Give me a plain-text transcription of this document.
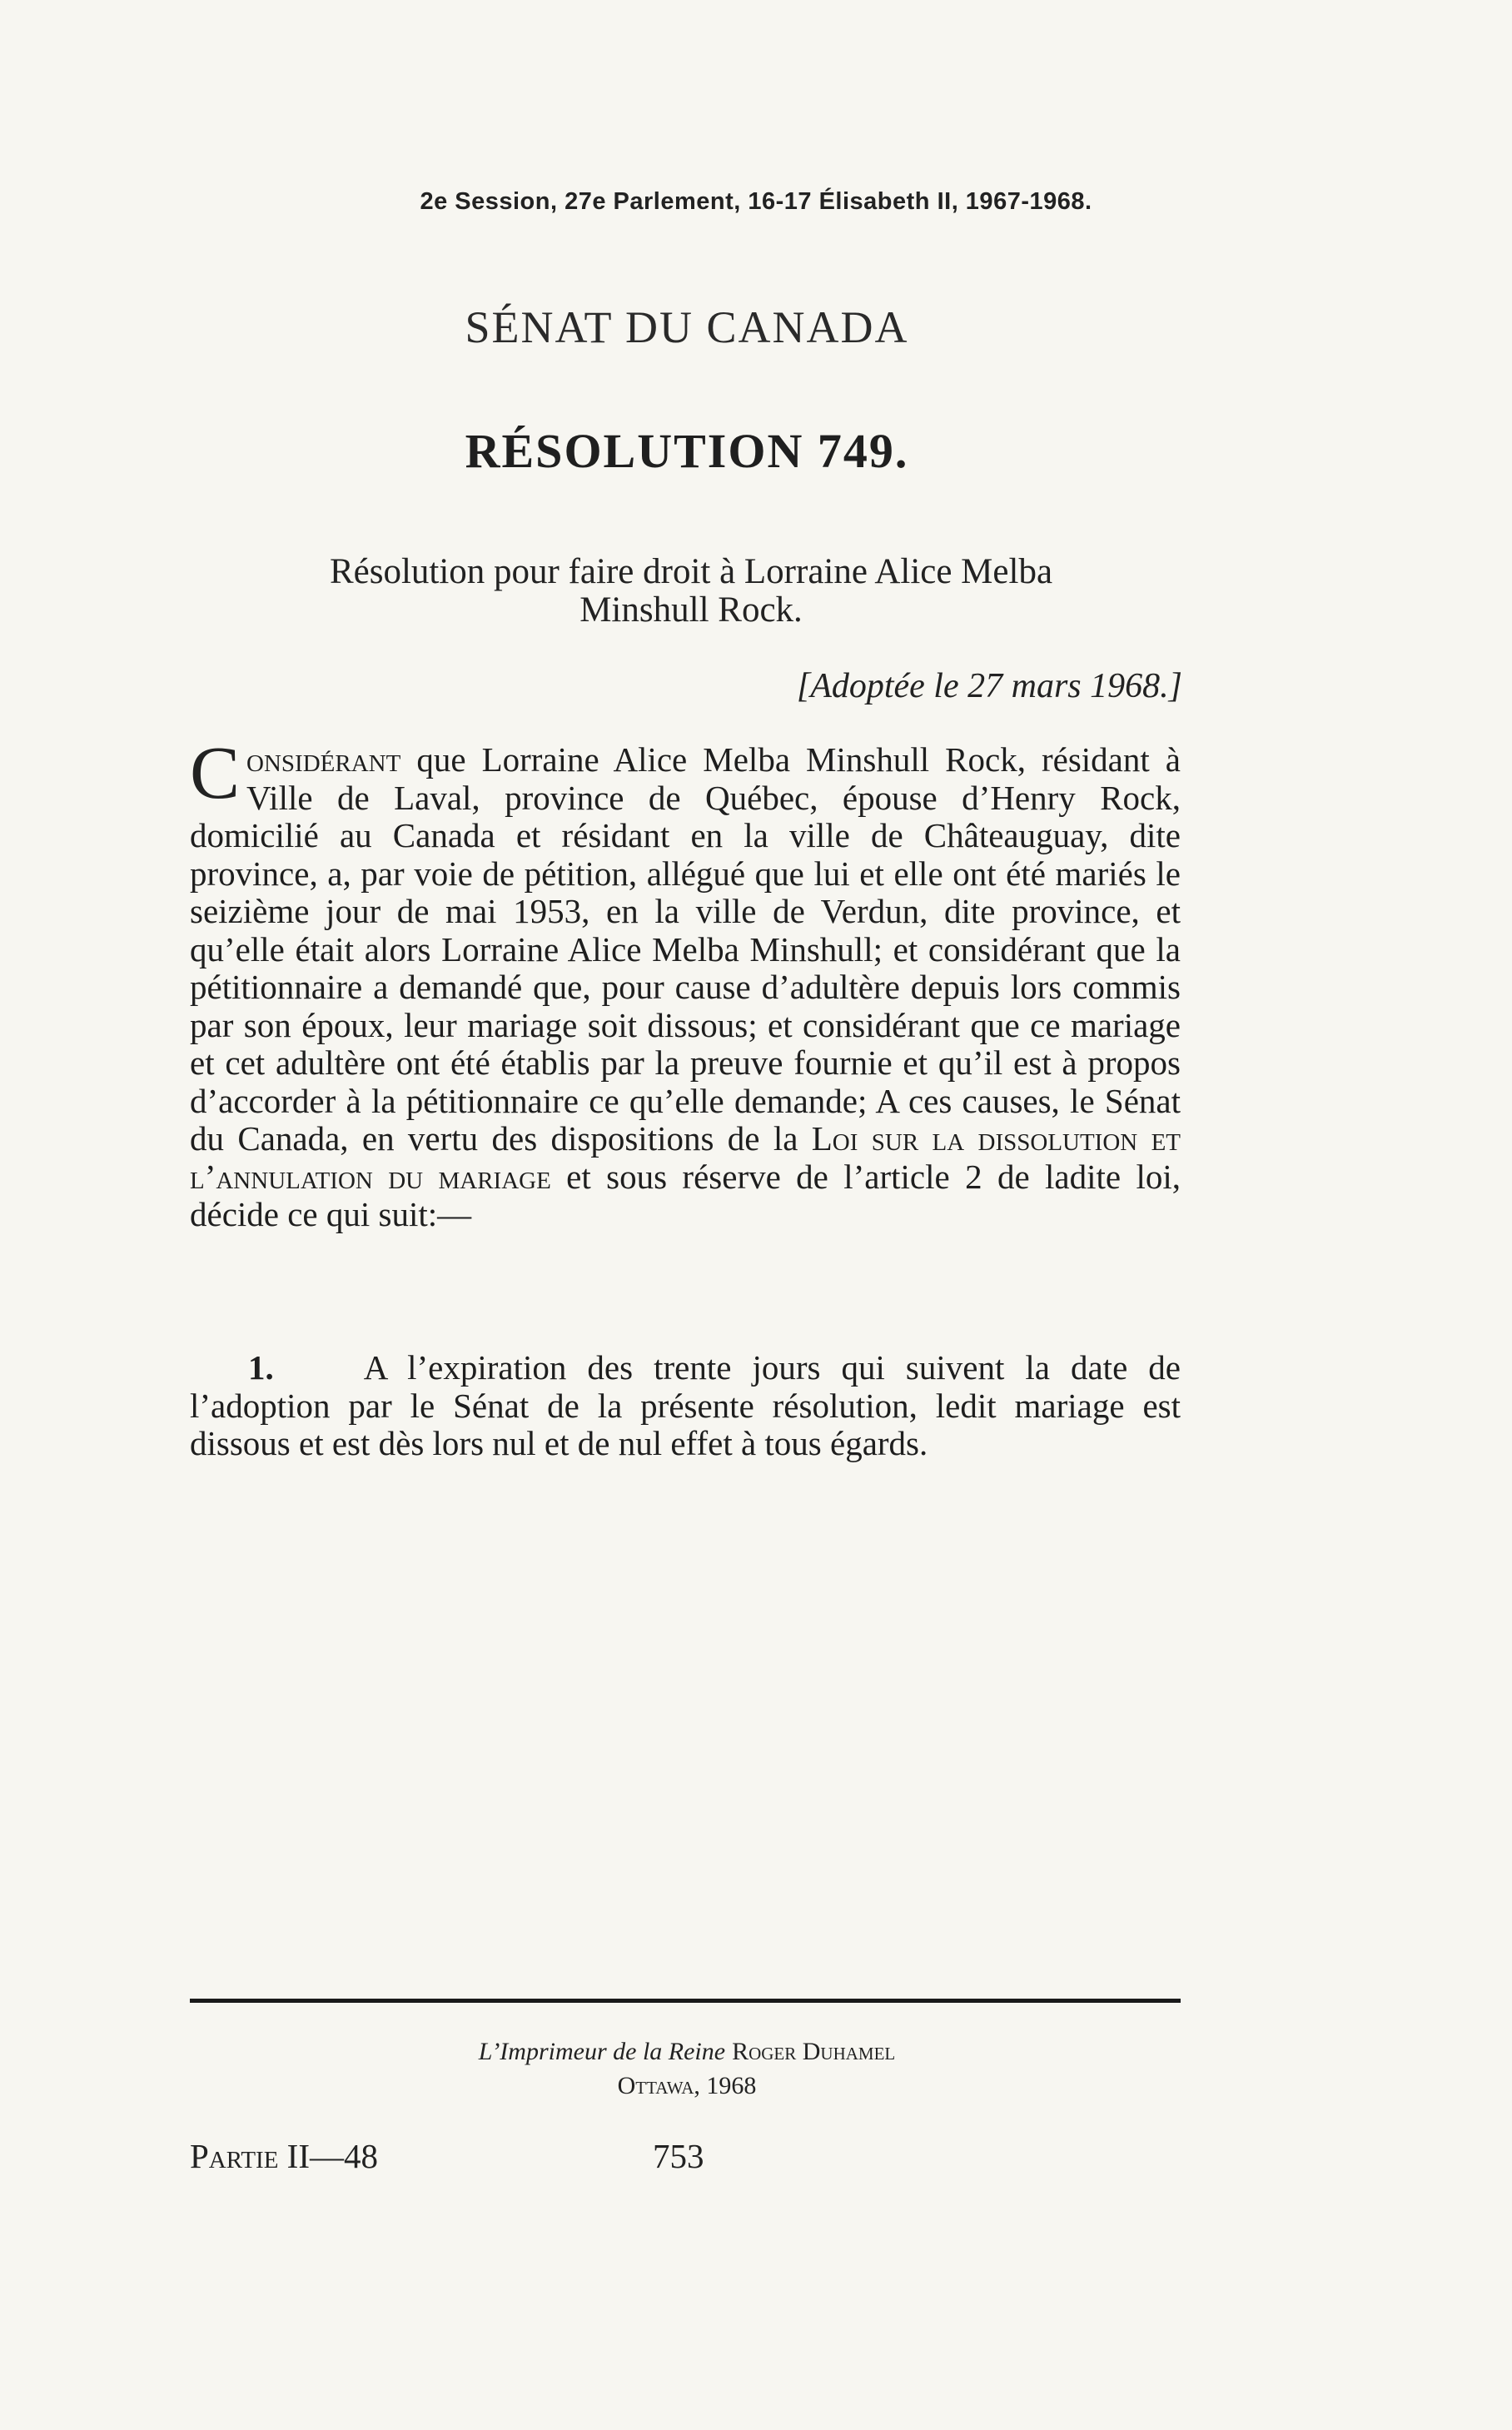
2e Session, 27e Parlement, 16-17 Élisabeth II, 1967-1968.
SÉNAT DU CANADA
RÉSOLUTION 749.
Résolution pour faire droit à Lorraine Alice Melba
Minshull Rock.
[Adoptée le 27 mars 1968.]
Considérant que Lorraine Alice Melba Minshull Rock, résidant à Ville de Laval, province de Québec, épouse d’Henry Rock, domicilié au Canada et résidant en la ville de Châteauguay, dite province, a, par voie de pétition, allégué que lui et elle ont été mariés le seizième jour de mai 1953, en la ville de Verdun, dite province, et qu’elle était alors Lorraine Alice Melba Minshull; et considérant que la pétitionnaire a demandé que, pour cause d’adultère depuis lors commis par son époux, leur mariage soit dissous; et considérant que ce mariage et cet adultère ont été établis par la preuve fournie et qu’il est à propos d’accorder à la pétitionnaire ce qu’elle demande; A ces causes, le Sénat du Canada, en vertu des dispositions de la Loi sur la dissolution et l’annulation du mariage et sous réserve de l’article 2 de ladite loi, décide ce qui suit:—
1.	A l’expiration des trente jours qui suivent la date de l’adoption par le Sénat de la présente résolution, ledit mariage est dissous et est dès lors nul et de nul effet à tous égards.
L’Imprimeur de la Reine Roger Duhamel
Ottawa, 1968
Partie II—48	753
